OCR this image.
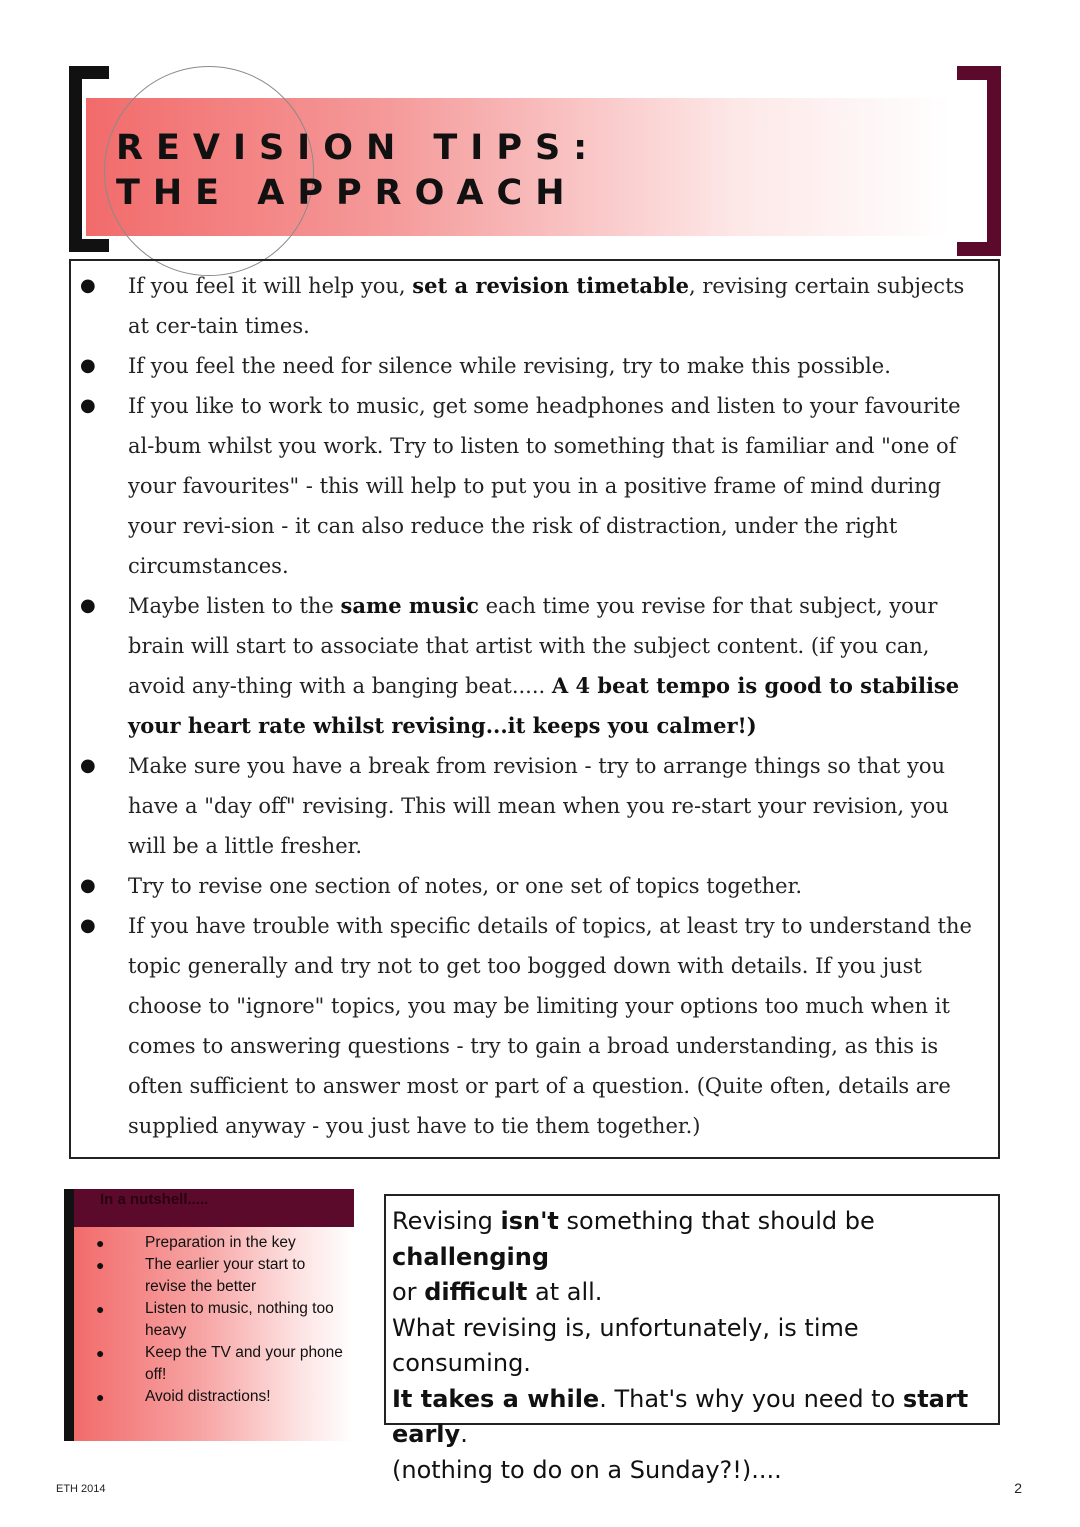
REVISION TIPS:
THE APPROACH
● If you feel it will help you, set a revision timetable, revising certain subjects at cer-tain times.
● If you feel the need for silence while revising, try to make this possible.
● If you like to work to music, get some headphones and listen to your favourite al-bum whilst you work. Try to listen to something that is familiar and "one of your favourites" - this will help to put you in a positive frame of mind during your revi-sion - it can also reduce the risk of distraction, under the right circumstances.
● Maybe listen to the same music each time you revise for that subject, your brain will start to associate that artist with the subject content. (if you can, avoid any-thing with a banging beat..... A 4 beat tempo is good to stabilise your heart rate whilst revising...it keeps you calmer!)
● Make sure you have a break from revision - try to arrange things so that you have a "day off" revising. This will mean when you re-start your revision, you will be a little fresher.
● Try to revise one section of notes, or one set of topics together.
● If you have trouble with specific details of topics, at least try to understand the topic generally and try not to get too bogged down with details. If you just choose to "ignore" topics, you may be limiting your options too much when it comes to answering questions - try to gain a broad understanding, as this is often sufficient to answer most or part of a question. (Quite often, details are supplied anyway - you just have to tie them together.)
In a nutshell.....
●	Preparation in the key
●	The earlier your start to revise the better
●	Listen to music, nothing too heavy
●	Keep the TV and your phone off!
●	Avoid distractions!

Revising isn't something that should be challenging

or difficult at all.

What revising is, unfortunately, is time consuming.

It takes a while. That's why you need to start

early.

(nothing to do on a Sunday?!)....

ETH 2014	2
